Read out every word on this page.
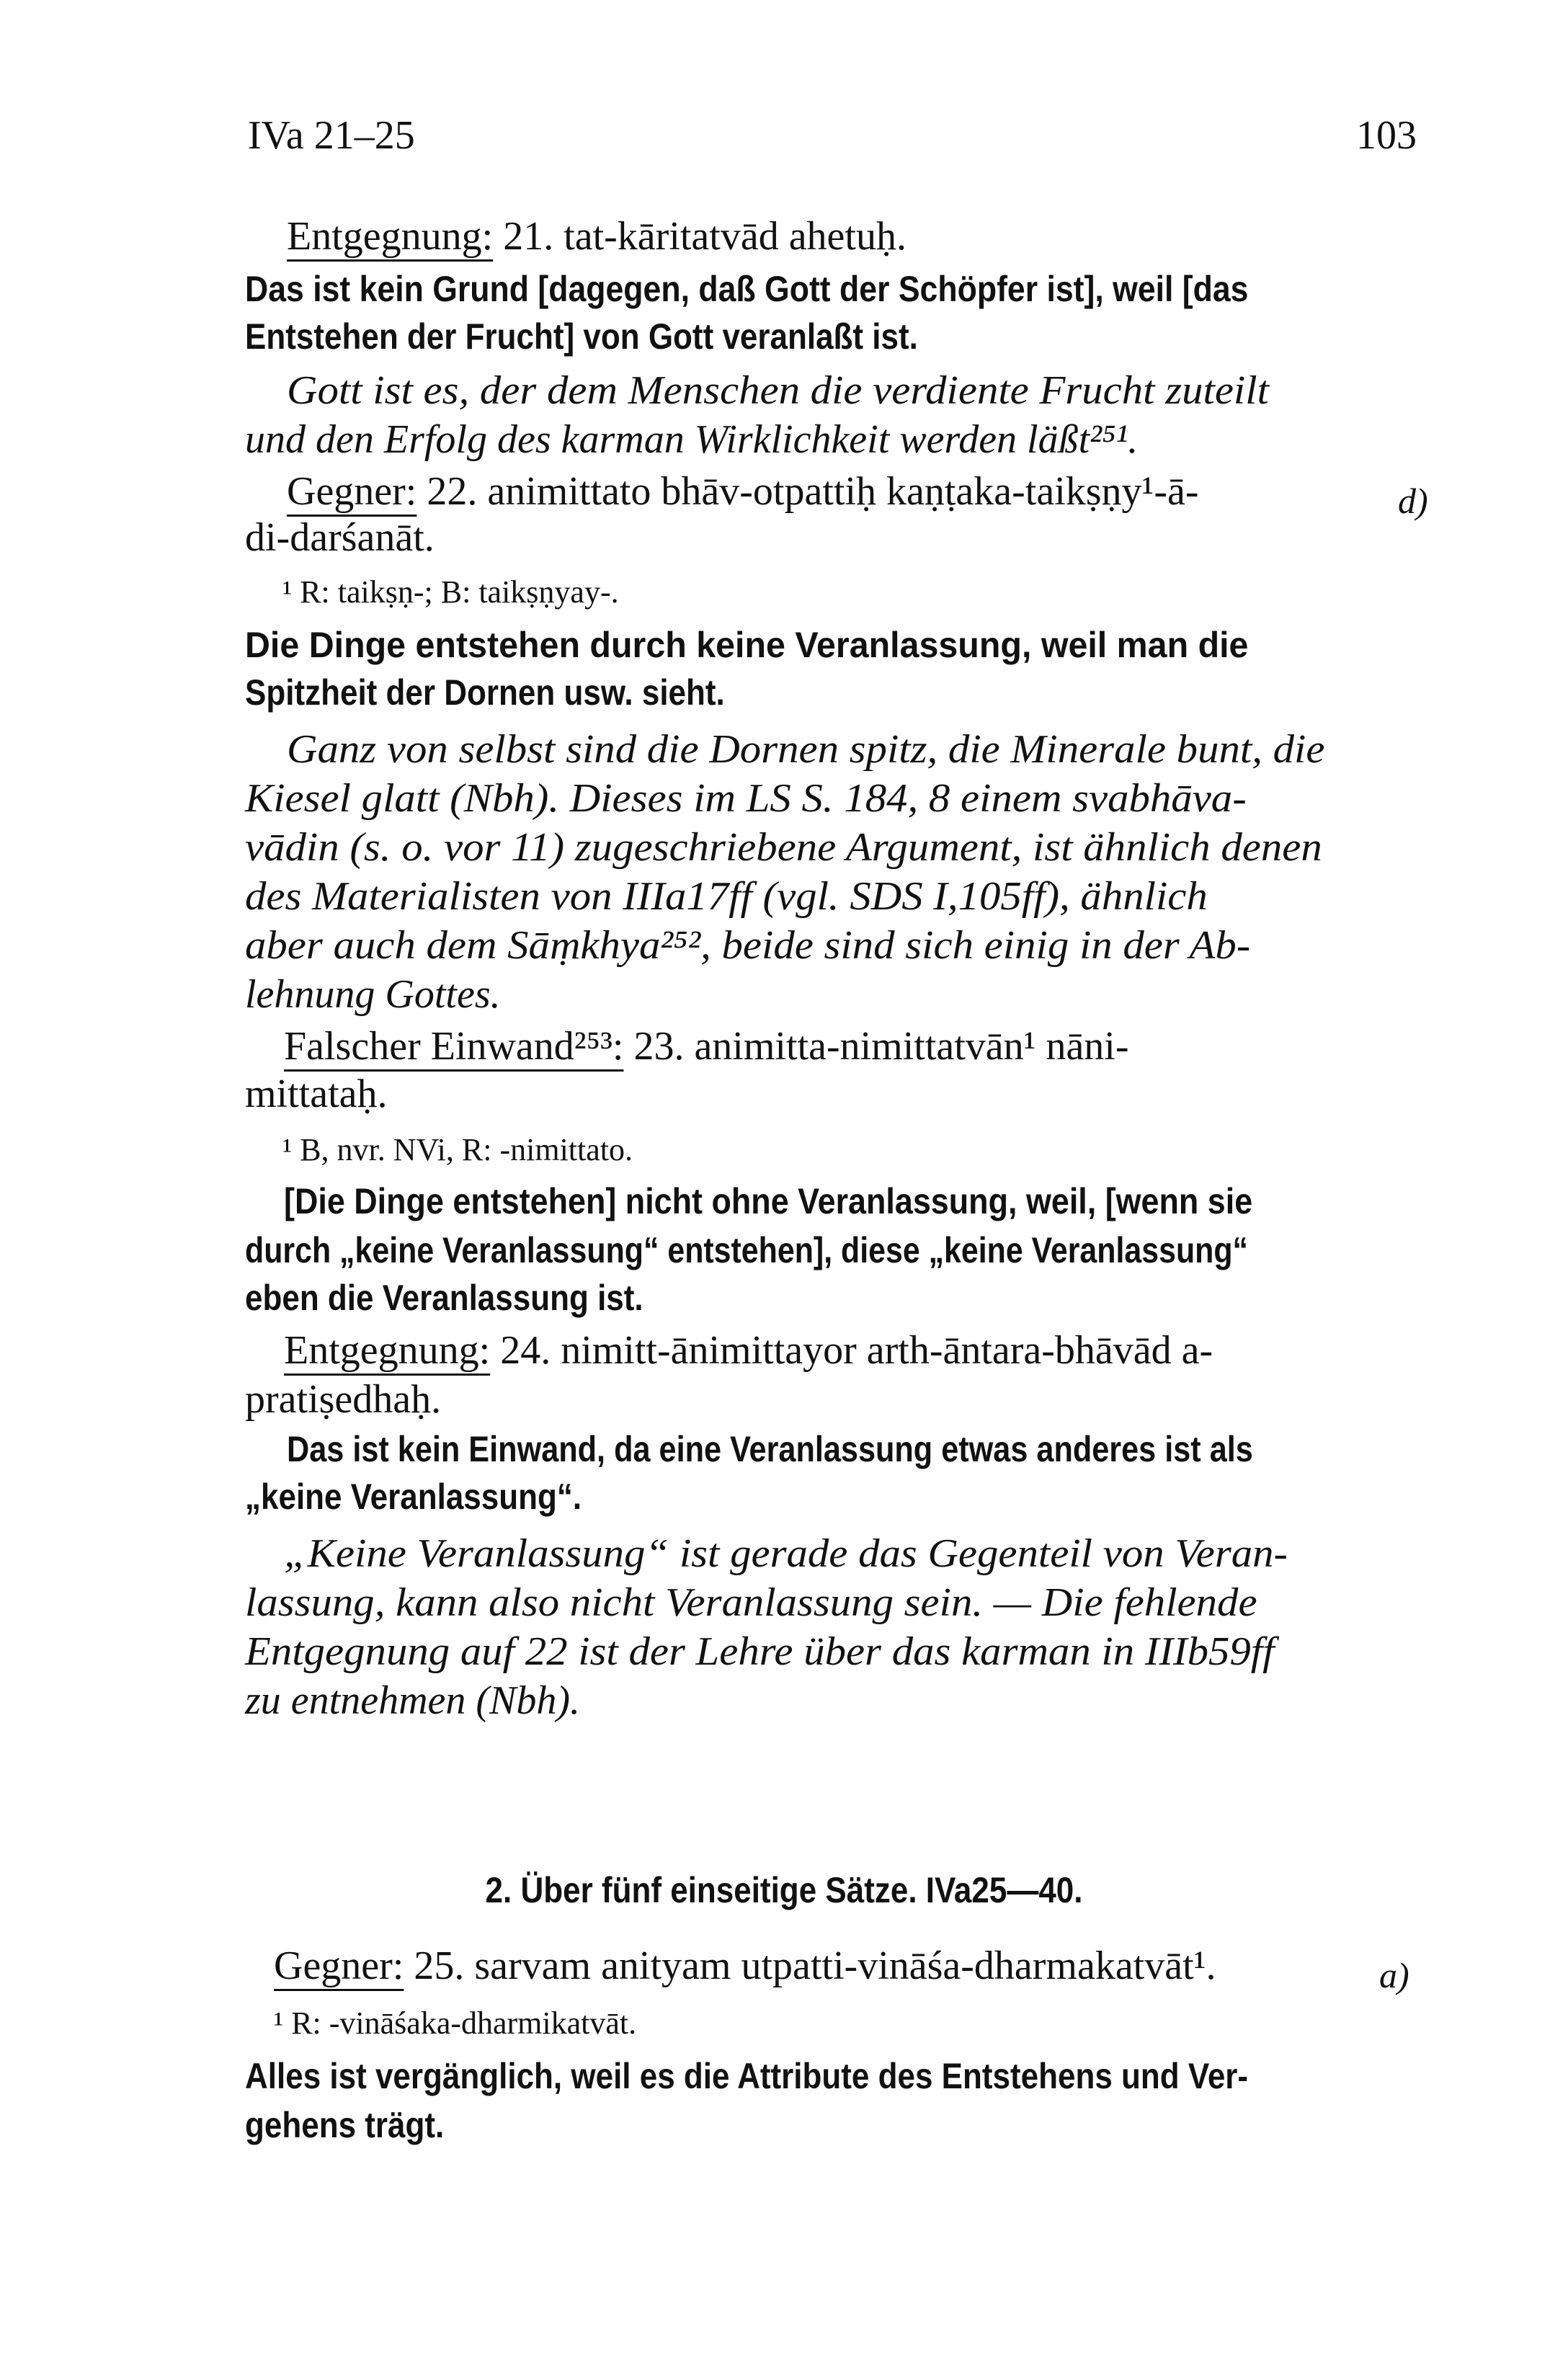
IVa 21–25	103
Entgegnung: 21. tat-kāritatvād ahetuḥ.
Das ist kein Grund [dagegen, daß Gott der Schöpfer ist], weil [das
Entstehen der Frucht] von Gott veranlaßt ist.
Gott ist es, der dem Menschen die verdiente Frucht zuteilt
und den Erfolg des karman Wirklichkeit werden läßt²⁵¹.
Gegner: 22. animittato bhāv-otpattiḥ kaṇṭaka-taikṣṇy¹-ā-	d)
di-darśanāt.
¹ R: taikṣṇ-; B: taikṣṇyay-.
Die Dinge entstehen durch keine Veranlassung, weil man die
Spitzheit der Dornen usw. sieht.
Ganz von selbst sind die Dornen spitz, die Minerale bunt, die
Kiesel glatt (Nbh). Dieses im LS S. 184, 8 einem svabhāva-
vādin (s. o. vor 11) zugeschriebene Argument, ist ähnlich denen
des Materialisten von IIIa17ff (vgl. SDS I,105ff), ähnlich
aber auch dem Sāṃkhya²⁵², beide sind sich einig in der Ab-
lehnung Gottes.
Falscher Einwand²⁵³: 23. animitta-nimittatvān¹ nāni-
mittataḥ.
¹ B, nvr. NVi, R: -nimittato.
[Die Dinge entstehen] nicht ohne Veranlassung, weil, [wenn sie
durch „keine Veranlassung“ entstehen], diese „keine Veranlassung“
eben die Veranlassung ist.
Entgegnung: 24. nimitt-ānimittayor arth-āntara-bhāvād a-
pratiṣedhaḥ.
Das ist kein Einwand, da eine Veranlassung etwas anderes ist als
„keine Veranlassung“.
„Keine Veranlassung“ ist gerade das Gegenteil von Veran-
lassung, kann also nicht Veranlassung sein. — Die fehlende
Entgegnung auf 22 ist der Lehre über das karman in IIIb59ff
zu entnehmen (Nbh).
2. Über fünf einseitige Sätze. IVa25—40.
Gegner: 25. sarvam anityam utpatti-vināśa-dharmakatvāt¹.	a)
¹ R: -vināśaka-dharmikatvāt.
Alles ist vergänglich, weil es die Attribute des Entstehens und Ver-
gehens trägt.
